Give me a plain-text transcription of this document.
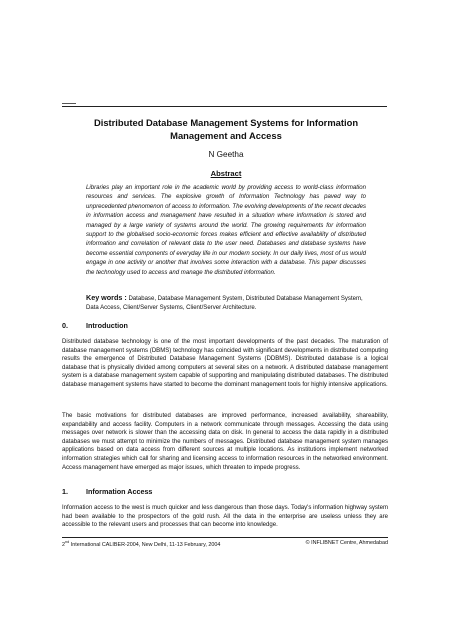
Distributed Database Management Systems for Information Management and Access
N Geetha
Abstract
Libraries play an important role in the academic world by providing access to world-class information resources and services. The explosive growth of Information Technology has paved way to unprecedented phenomenon of access to information. The evolving developments of the recent decades in information access and management have resulted in a situation where information is stored and managed by a large variety of systems around the world. The growing requirements for information support to the globalised socio-economic forces makes efficient and effective availability of distributed information and correlation of relevant data to the user need. Databases and database systems have become essential components of everyday life in our modern society. In our daily lives, most of us would engage in one activity or another that involves some interaction with a database. This paper discusses the technology used to access and manage the distributed information.
Key words : Database, Database Management System, Distributed Database Management System, Data Access, Client/Server Systems, Client/Server Architecture.
0.	Introduction
Distributed database technology is one of the most important developments of the past decades. The maturation of database management systems (DBMS) technology has coincided with significant developments in distributed computing results the emergence of Distributed Database Management Systems (DDBMS). Distributed database is a logical database that is physically divided among computers at several sites on a network. A distributed database management system is a database management system capable of supporting and manipulating distributed databases. The distributed database management systems have started to become the dominant management tools for highly intensive applications.
The basic motivations for distributed databases are improved performance, increased availability, shareability, expandability and access facility. Computers in a network communicate through messages. Accessing the data using messages over network is slower than the accessing data on disk. In general to access the data rapidly in a distributed databases we must attempt to minimize the numbers of messages. Distributed database management system manages applications based on data access from different sources at multiple locations. As institutions implement networked information strategies which call for sharing and licensing access to information resources in the networked environment. Access management have emerged as major issues, which threaten to impede progress.
1.	Information Access
Information access to the west is much quicker and less dangerous than those days. Today's information highway system had been available to the prospectors of the gold rush. All the data in the enterprise are useless unless they are accessible to the relevant users and processes that can become into knowledge.
2nd International CALIBER-2004, New Delhi, 11-13 February, 2004	© INFLIBNET Centre, Ahmedabad
